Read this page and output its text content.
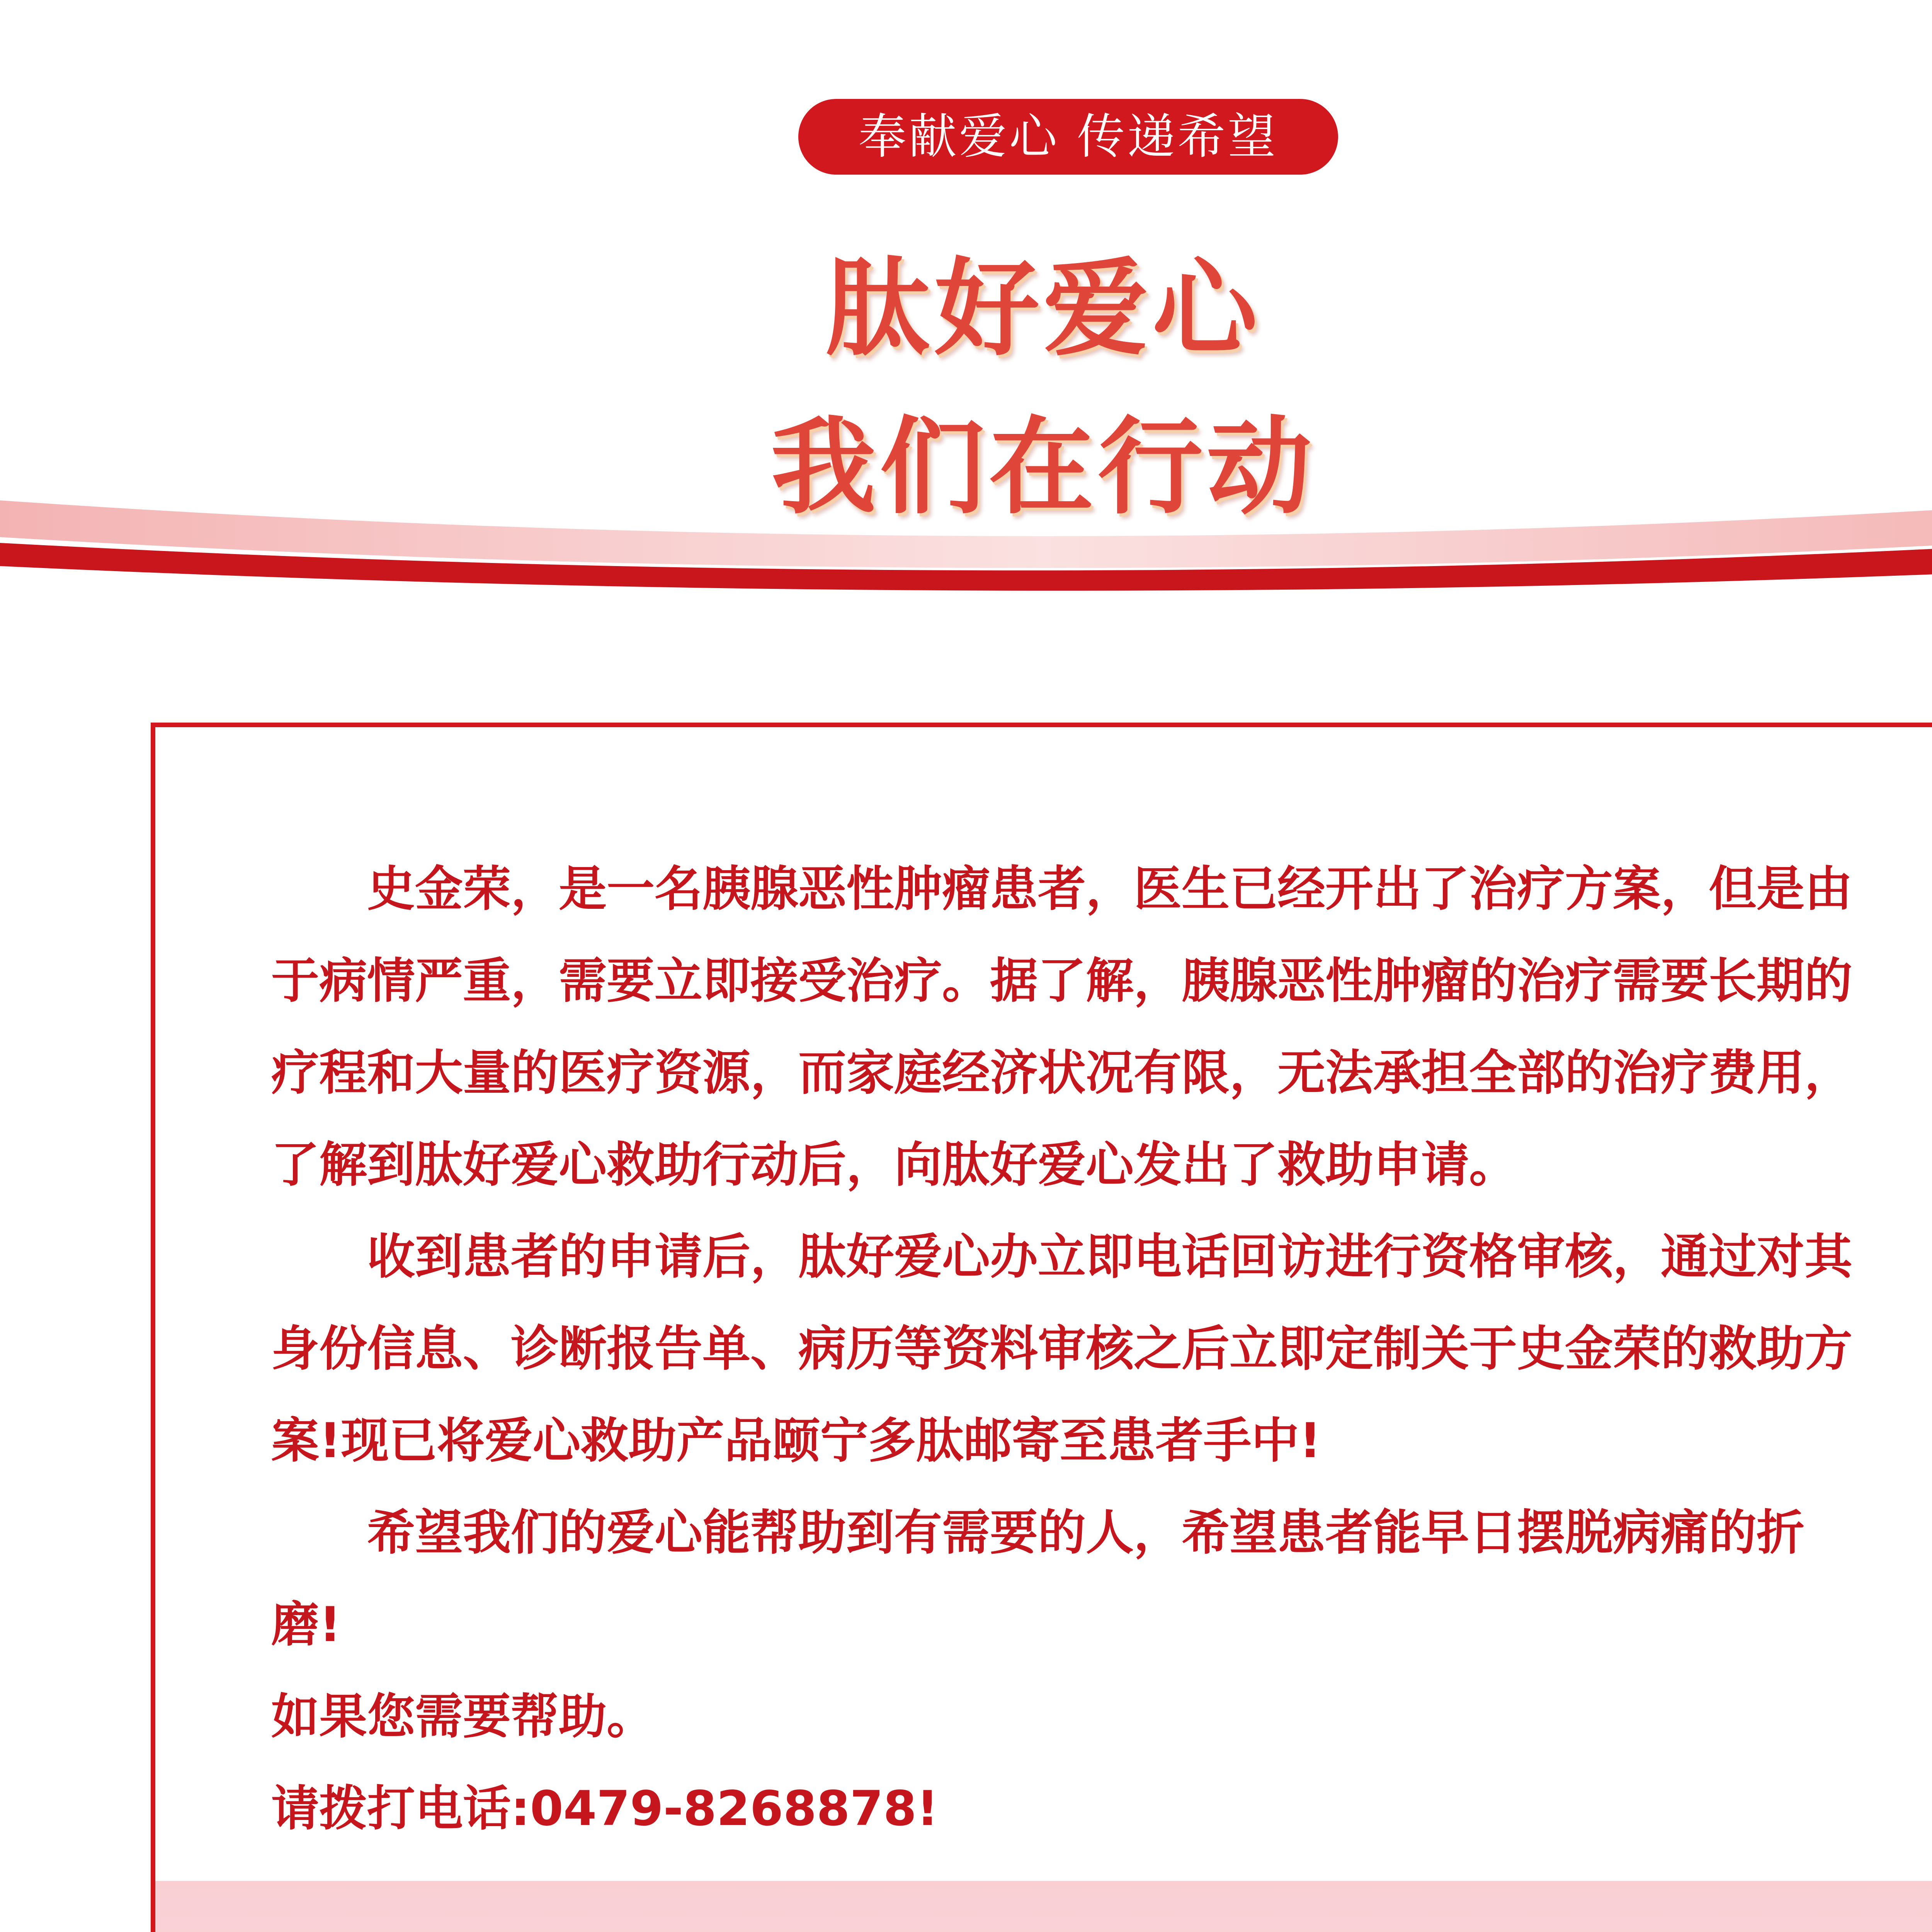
奉献爱心 传递希望
肽好爱心
我们在行动

史金荣，是一名胰腺恶性肿瘤患者，医生已经开出了治疗方案，但是由于病情严重，需要立即接受治疗。据了解，胰腺恶性肿瘤的治疗需要长期的疗程和大量的医疗资源，而家庭经济状况有限，无法承担全部的治疗费用，了解到肽好爱心救助行动后，向肽好爱心发出了救助申请。

收到患者的申请后，肽好爱心办立即电话回访进行资格审核，通过对其身份信息、诊断报告单、病历等资料审核之后立即定制关于史金荣的救助方案!现已将爱心救助产品颐宁多肽邮寄至患者手中!

希望我们的爱心能帮助到有需要的人，希望患者能早日摆脱病痛的折磨!

如果您需要帮助。

请拨打电话:0479-8268878!
